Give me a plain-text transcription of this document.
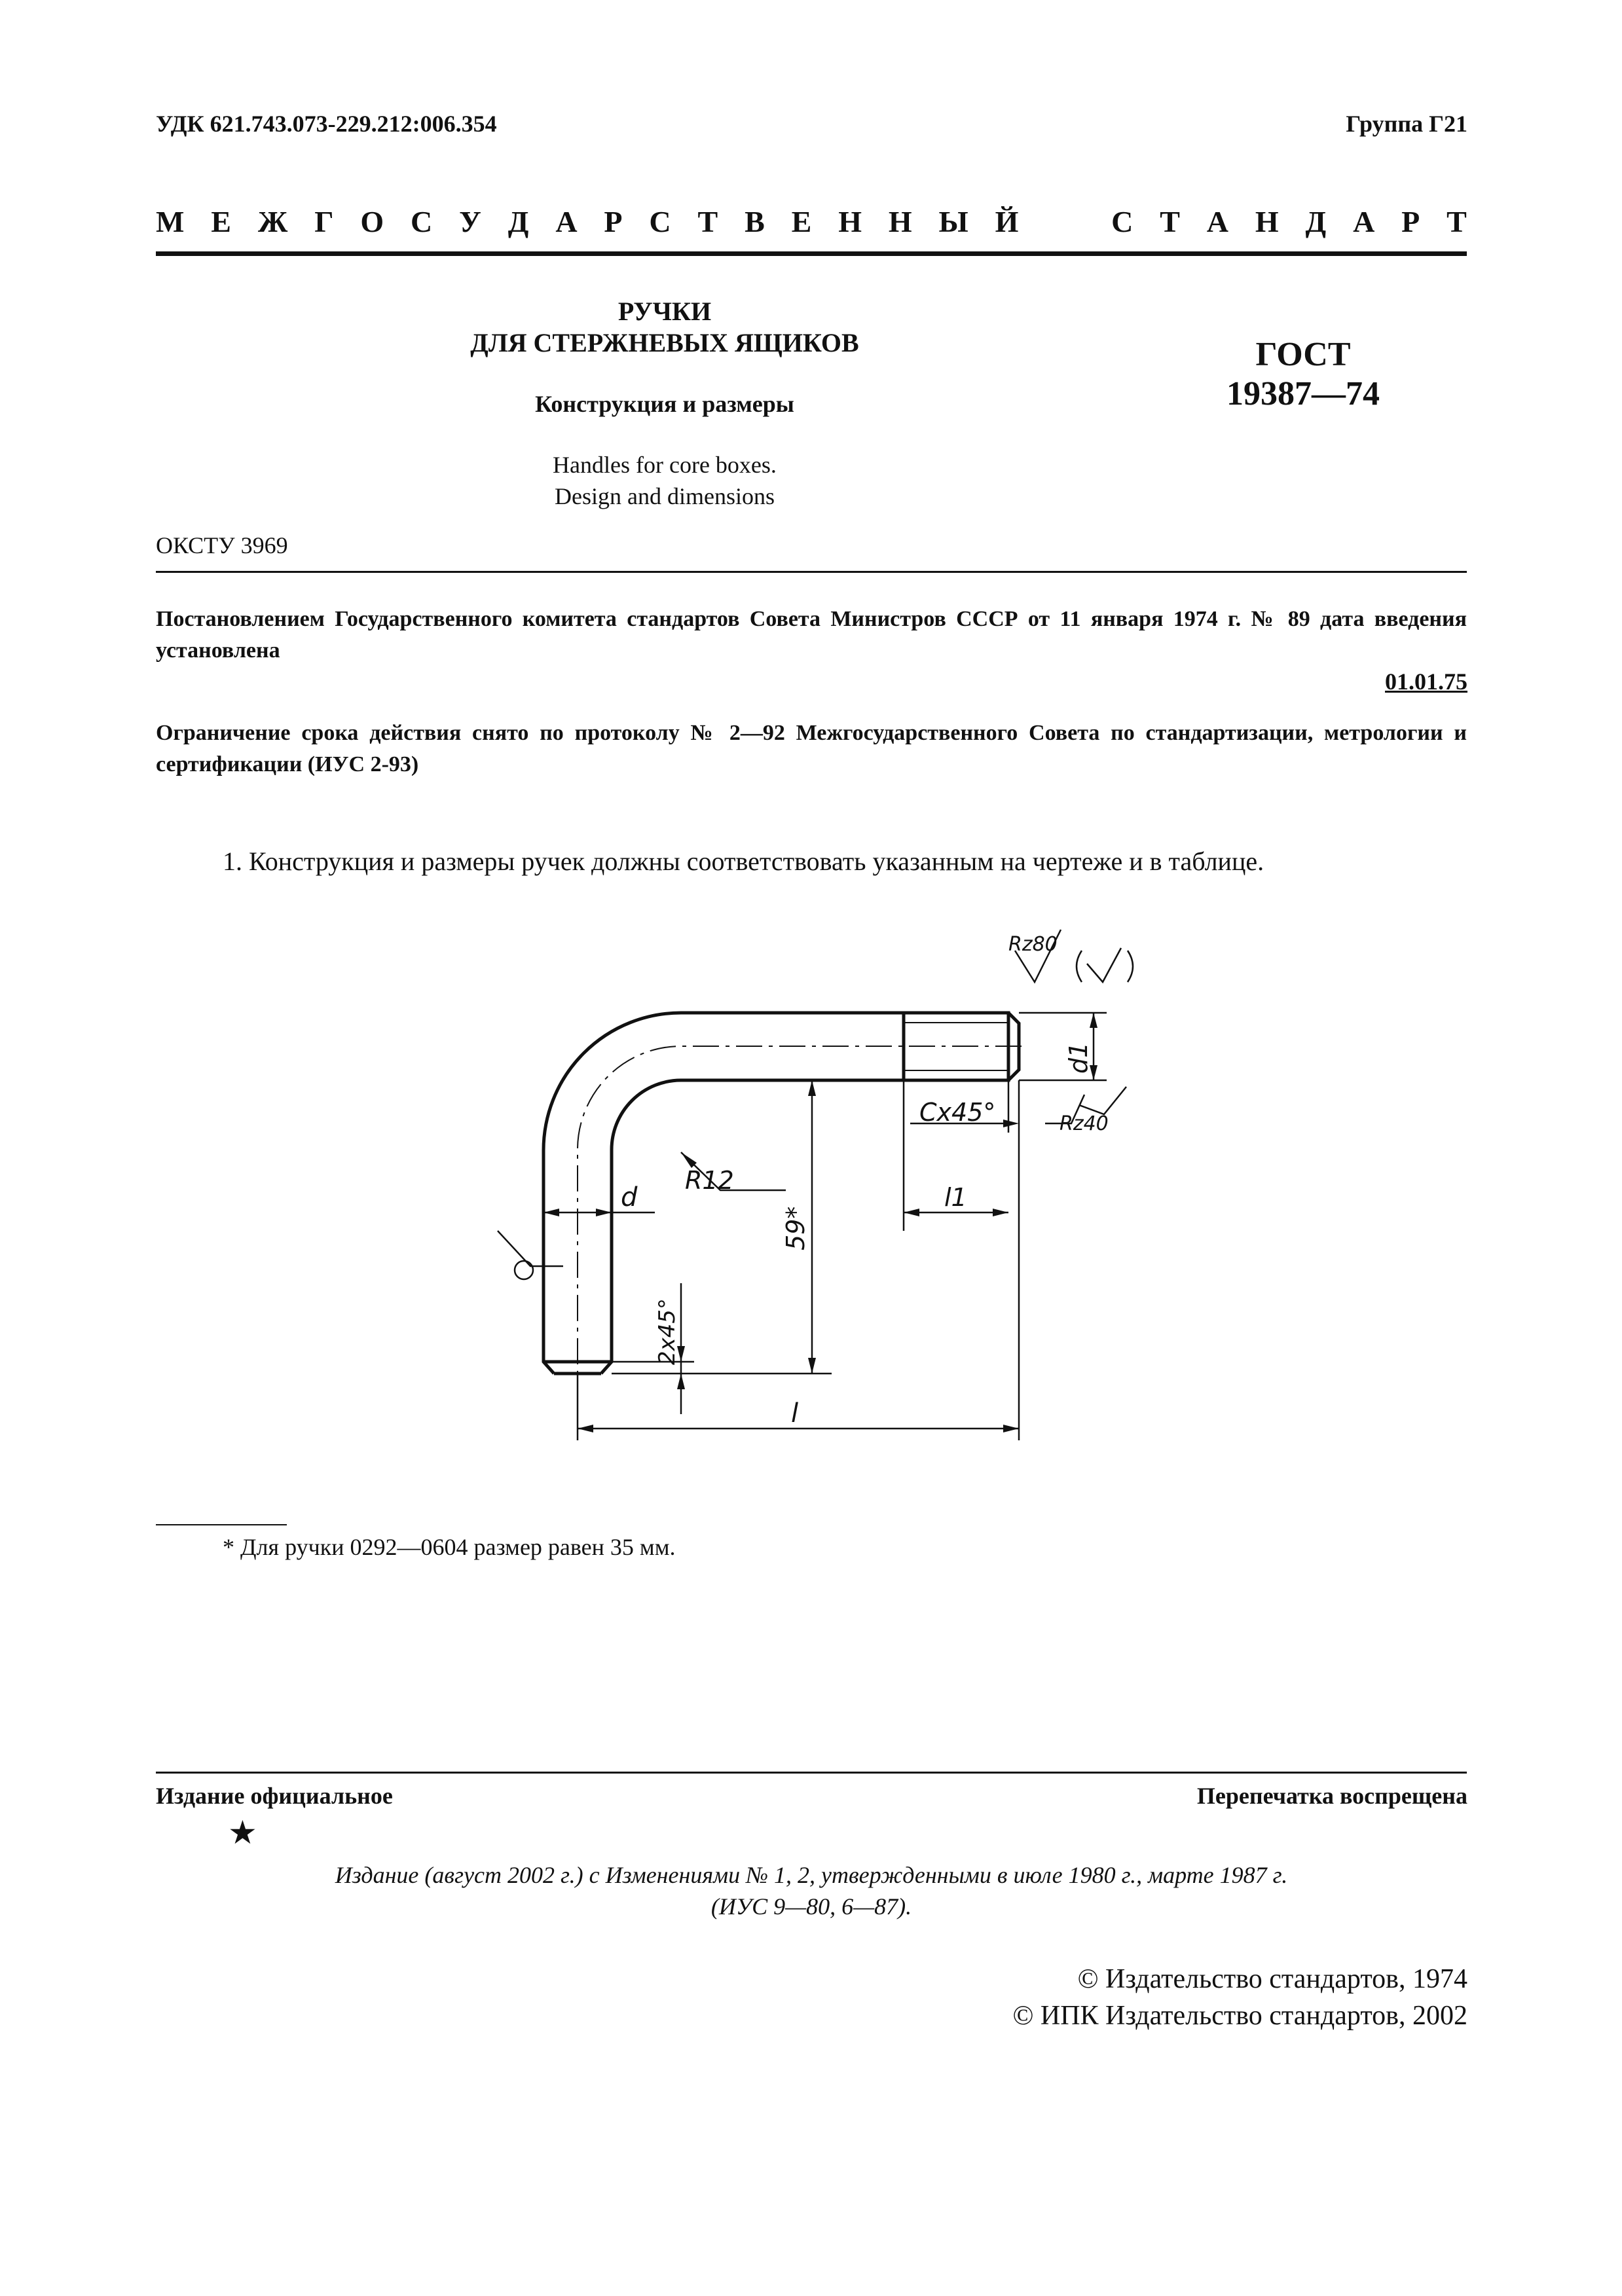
УДК 621.743.073-229.212:006.354	Группа Г21
М Е Ж Г О С У Д А Р С Т В Е Н Н Ы Й	С Т А Н Д А Р Т
РУЧКИ
ДЛЯ СТЕРЖНЕВЫХ ЯЩИКОВ
Конструкция и размеры
Handles for core boxes.
Design and dimensions
ГОСТ
19387—74
ОКСТУ 3969
Постановлением Государственного комитета стандартов Совета Министров СССР от 11 января 1974 г. № 89 дата введения установлена
01.01.75
Ограничение срока действия снято по протоколу № 2—92 Межгосударственного Совета по стандартизации, метрологии и сертификации (ИУС 2-93)
1. Конструкция и размеры ручек должны соответствовать указанным на чертеже и в таблице.
Rz80
Rz40
R12
Cx45°
l1
d
l
d1
59*
2x45°
* Для ручки 0292—0604 размер равен 35 мм.
Издание официальное	Перепечатка воспрещена
★
Издание (август 2002 г.) с Изменениями № 1, 2, утвержденными в июле 1980 г., марте 1987 г.
(ИУС 9—80, 6—87).
© Издательство стандартов, 1974
© ИПК Издательство стандартов, 2002
